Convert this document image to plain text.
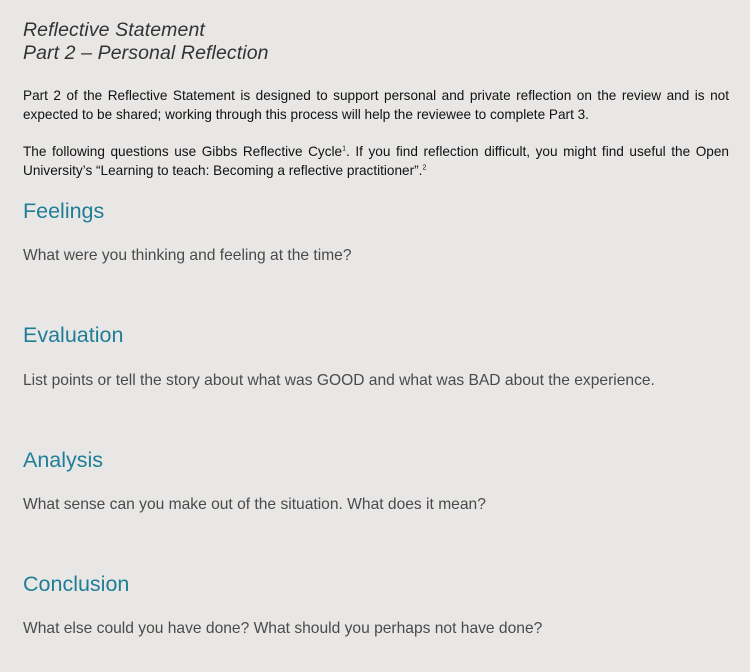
Reflective Statement
Part 2 – Personal Reflection

Part 2 of the Reflective Statement is designed to support personal and private reflection on the review and is not expected to be shared; working through this process will help the reviewee to complete Part 3.

The following questions use Gibbs Reflective Cycle$^1$. If you find reflection difficult, you might find useful the Open University’s “Learning to teach: Becoming a reflective practitioner”.$^2$

Feelings

What were you thinking and feeling at the time?

Evaluation

List points or tell the story about what was GOOD and what was BAD about the experience.

Analysis

What sense can you make out of the situation. What does it mean?

Conclusion

What else could you have done? What should you perhaps not have done?
